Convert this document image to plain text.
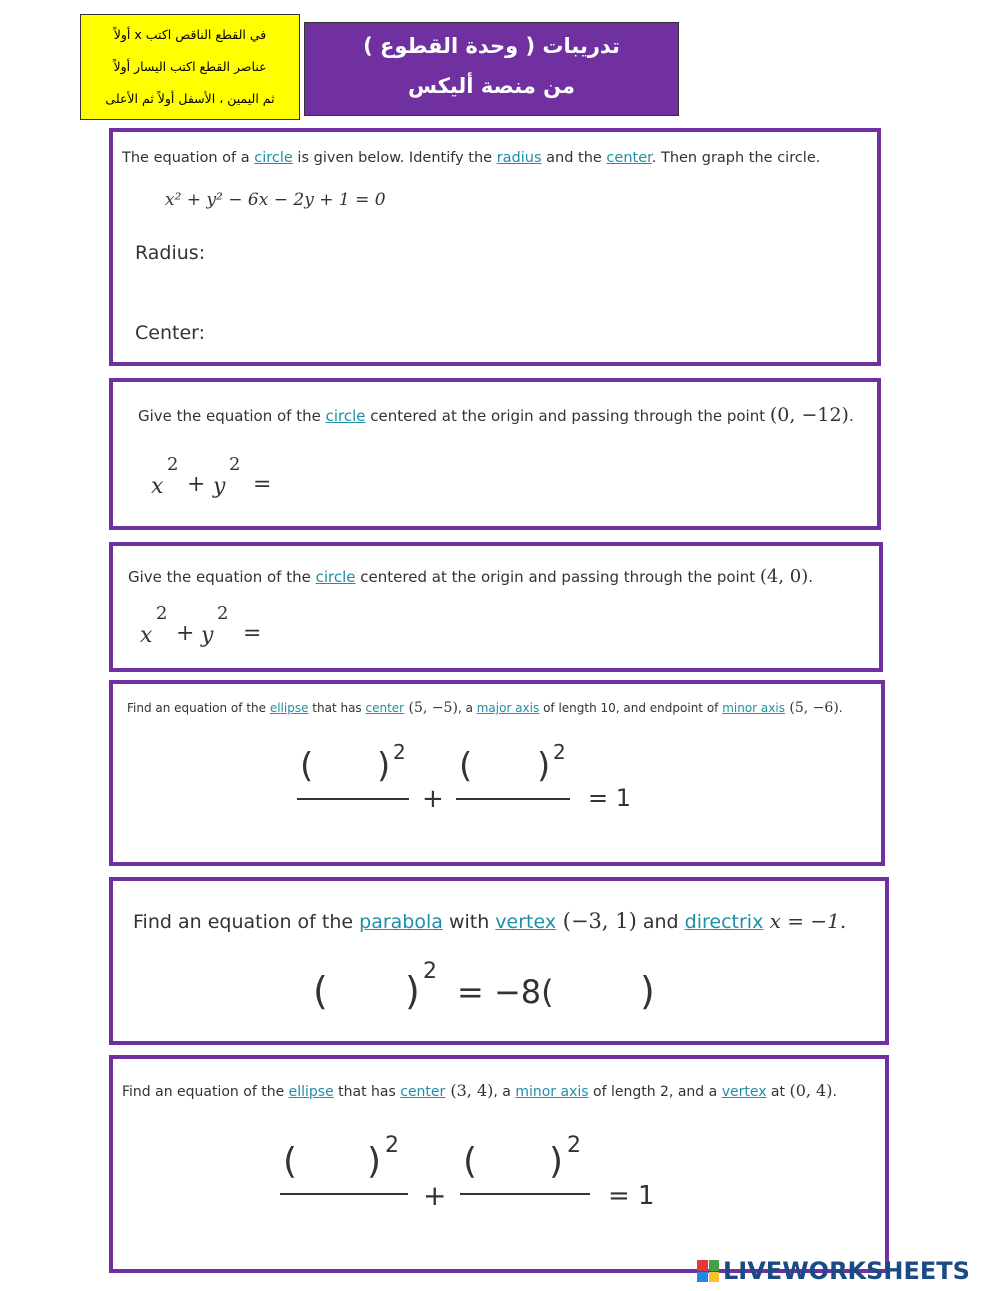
في القطع الناقص اكتب x أولاً
عناصر القطع اكتب اليسار أولاً
ثم اليمين ، الأسفل أولاً ثم الأعلى
تدريبات ( وحدة القطوع )
من منصة أليكس
The equation of a circle is given below. Identify the radius and the center. Then graph the circle.
x² + y² − 6x − 2y + 1 = 0
Radius:
Center:
Give the equation of the circle centered at the origin and passing through the point (0, −12).
x
2
+ y
2
=
Give the equation of the circle centered at the origin and passing through the point (4, 0).
x
2
+ y
2
=
Find an equation of the ellipse that has center (5, −5), a major axis of length 10, and endpoint of minor axis (5, −6).
( ) 2
+
( ) 2
= 1
Find an equation of the parabola with vertex (−3, 1) and directrix x = −1.
( ) 2
= −8( )
Find an equation of the ellipse that has center (3, 4), a minor axis of length 2, and a vertex at (0, 4).
( ) 2
+
( ) 2
= 1
LIVEWORKSHEETS
